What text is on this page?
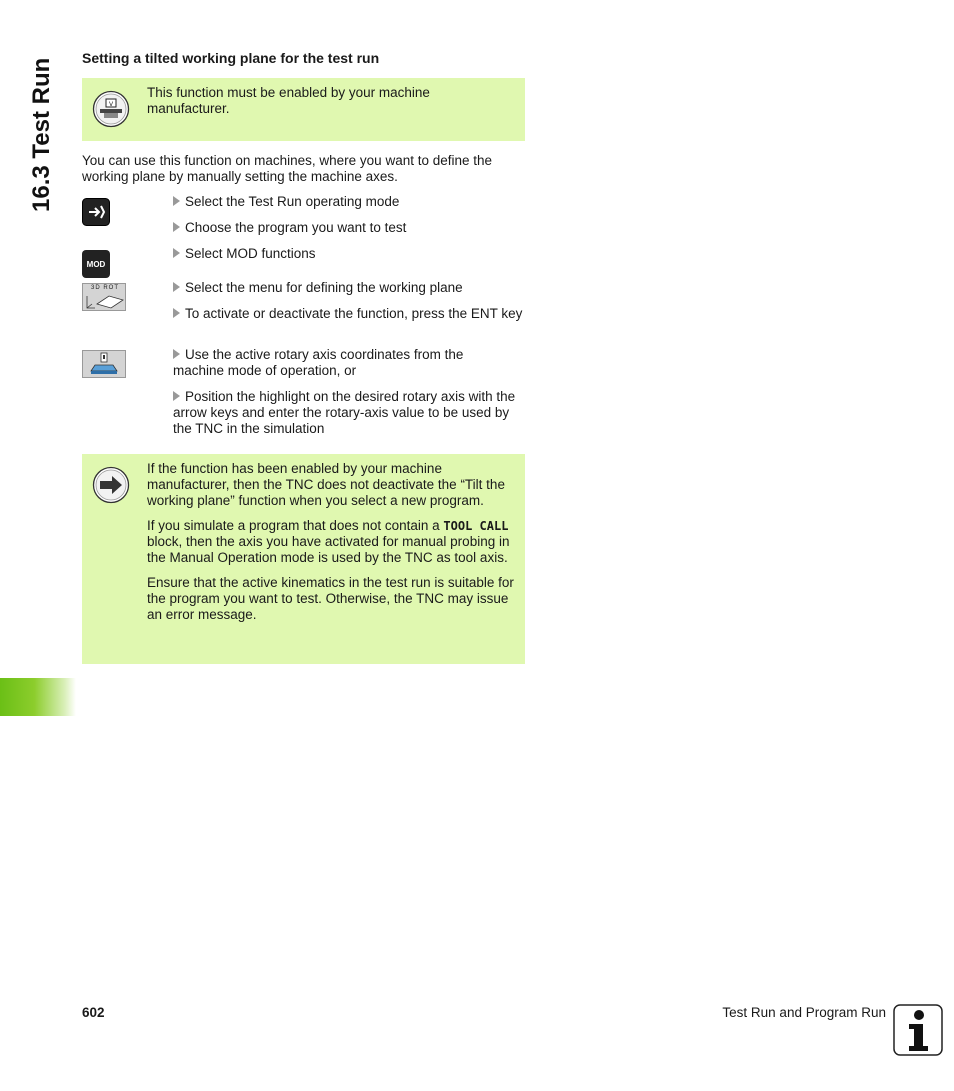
16.3 Test Run Setting a tilted working plane for the test run
V
This function must be enabled by your machine manufacturer.

You can use this function on machines, where you want to define the working plane by manually setting the machine axes.

MOD
3D ROT
Select the Test Run operating mode
Choose the program you want to test
Select MOD functions
Select the menu for defining the working plane
To activate or deactivate the function, press the ENT key
Use the active rotary axis coordinates from the machine mode of operation, or
Position the highlight on the desired rotary axis with the arrow keys and enter the rotary-axis value to be used by the TNC in the simulation

If the function has been enabled by your machine manufacturer, then the TNC does not deactivate the “Tilt the working plane” function when you select a new program.

If you simulate a program that does not contain a TOOL CALL block, then the axis you have activated for manual probing in the Manual Operation mode is used by the TNC as tool axis.

Ensure that the active kinematics in the test run is suitable for the program you want to test. Otherwise, the TNC may issue an error message.

602	Test Run and Program Run
